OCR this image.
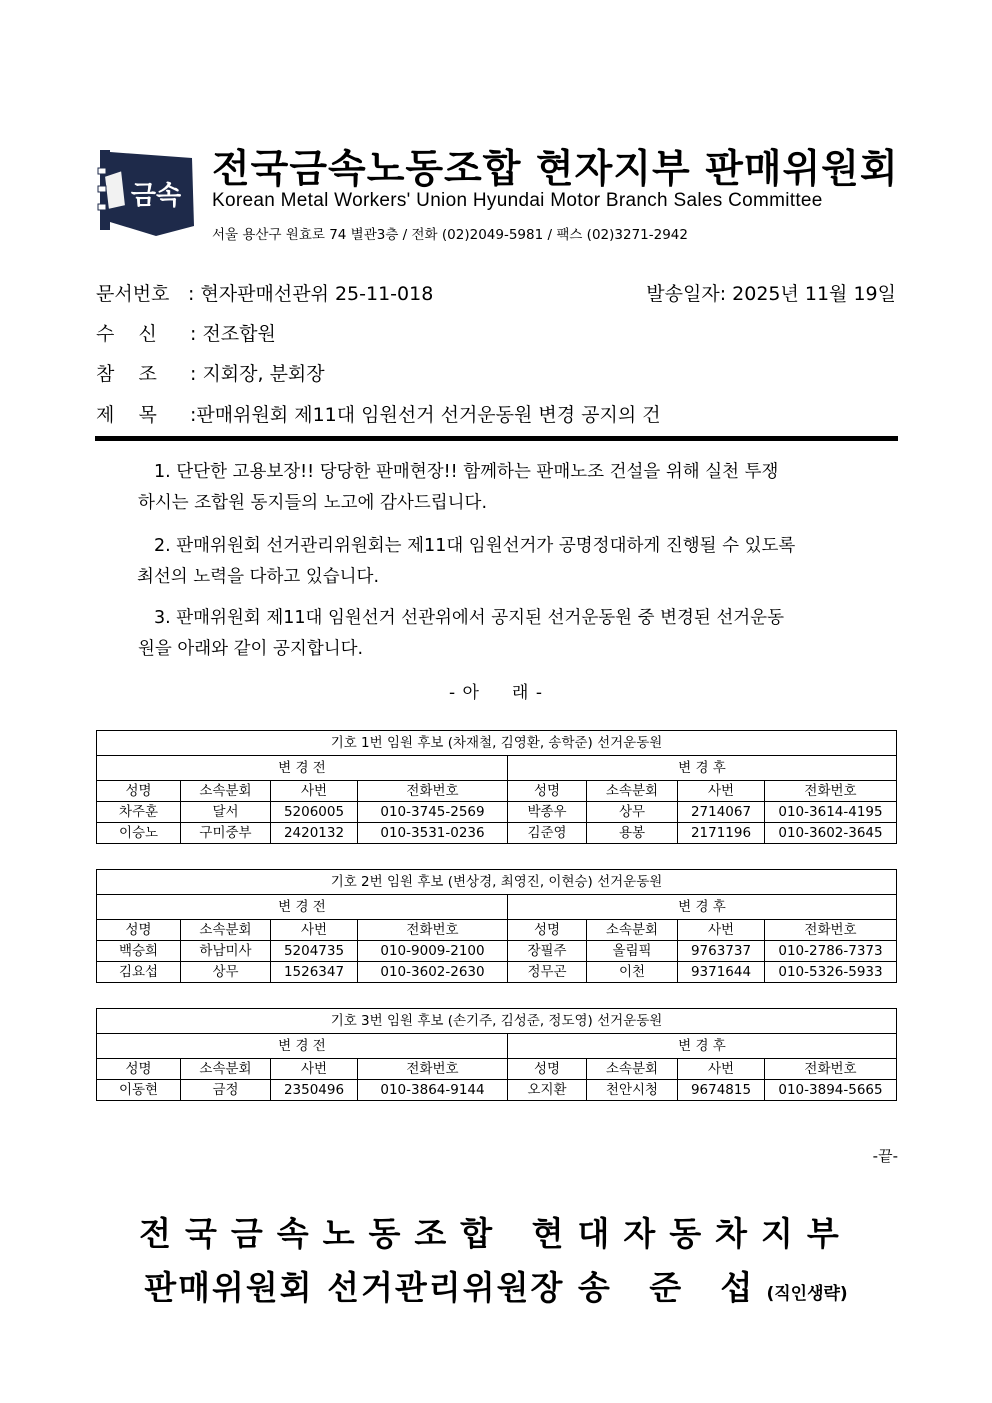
금속
전국금속노동조합 현자지부 판매위원회
Korean Metal Workers' Union Hyundai Motor Branch Sales Committee
서울 용산구 원효로 74 별관3층 / 전화 (02)2049-5981 / 팩스 (02)3271-2942
문서번호 : 현자판매선관위 25-11-018	발송일자: 2025년 11월 19일
수    신 : 전조합원
참    조 : 지회장, 분회장
제    목 :판매위원회 제11대 임원선거 선거운동원 변경 공지의 건
1. 단단한 고용보장!! 당당한 판매현장!! 함께하는 판매노조 건설을 위해 실천 투쟁
하시는 조합원 동지들의 노고에 감사드립니다.
2. 판매위원회 선거관리위원회는 제11대 임원선거가 공명정대하게 진행될 수 있도록
최선의 노력을 다하고 있습니다.
3. 판매위원회 제11대 임원선거 선관위에서 공지된 선거운동원 중 변경된 선거운동
원을 아래와 같이 공지합니다.
- 아     래 -
기호 1번 임원 후보 (차재철, 김영환, 송학준) 선거운동원							
변 경 전				변 경 후			
성명	소속분회	사번	전화번호	성명	소속분회	사번	전화번호
차주훈	달서	5206005	010-3745-2569	박종우	상무	2714067	010-3614-4195
이승노	구미중부	2420132	010-3531-0236	김준영	용봉	2171196	010-3602-3645
기호 2번 임원 후보 (변상경, 최영진, 이현승) 선거운동원							
변 경 전				변 경 후			
성명	소속분회	사번	전화번호	성명	소속분회	사번	전화번호
백승희	하남미사	5204735	010-9009-2100	장필주	올림픽	9763737	010-2786-7373
김요섭	상무	1526347	010-3602-2630	정무곤	이천	9371644	010-5326-5933
기호 3번 임원 후보 (손기주, 김성준, 정도영) 선거운동원							
변 경 전				변 경 후			
성명	소속분회	사번	전화번호	성명	소속분회	사번	전화번호
이동현	금정	2350496	010-3864-9144	오지환	천안시청	9674815	010-3894-5665
-끝-
전국금속노동조합 현대자동차지부
판매위원회 선거관리위원장 송 준 섭(직인생략)
